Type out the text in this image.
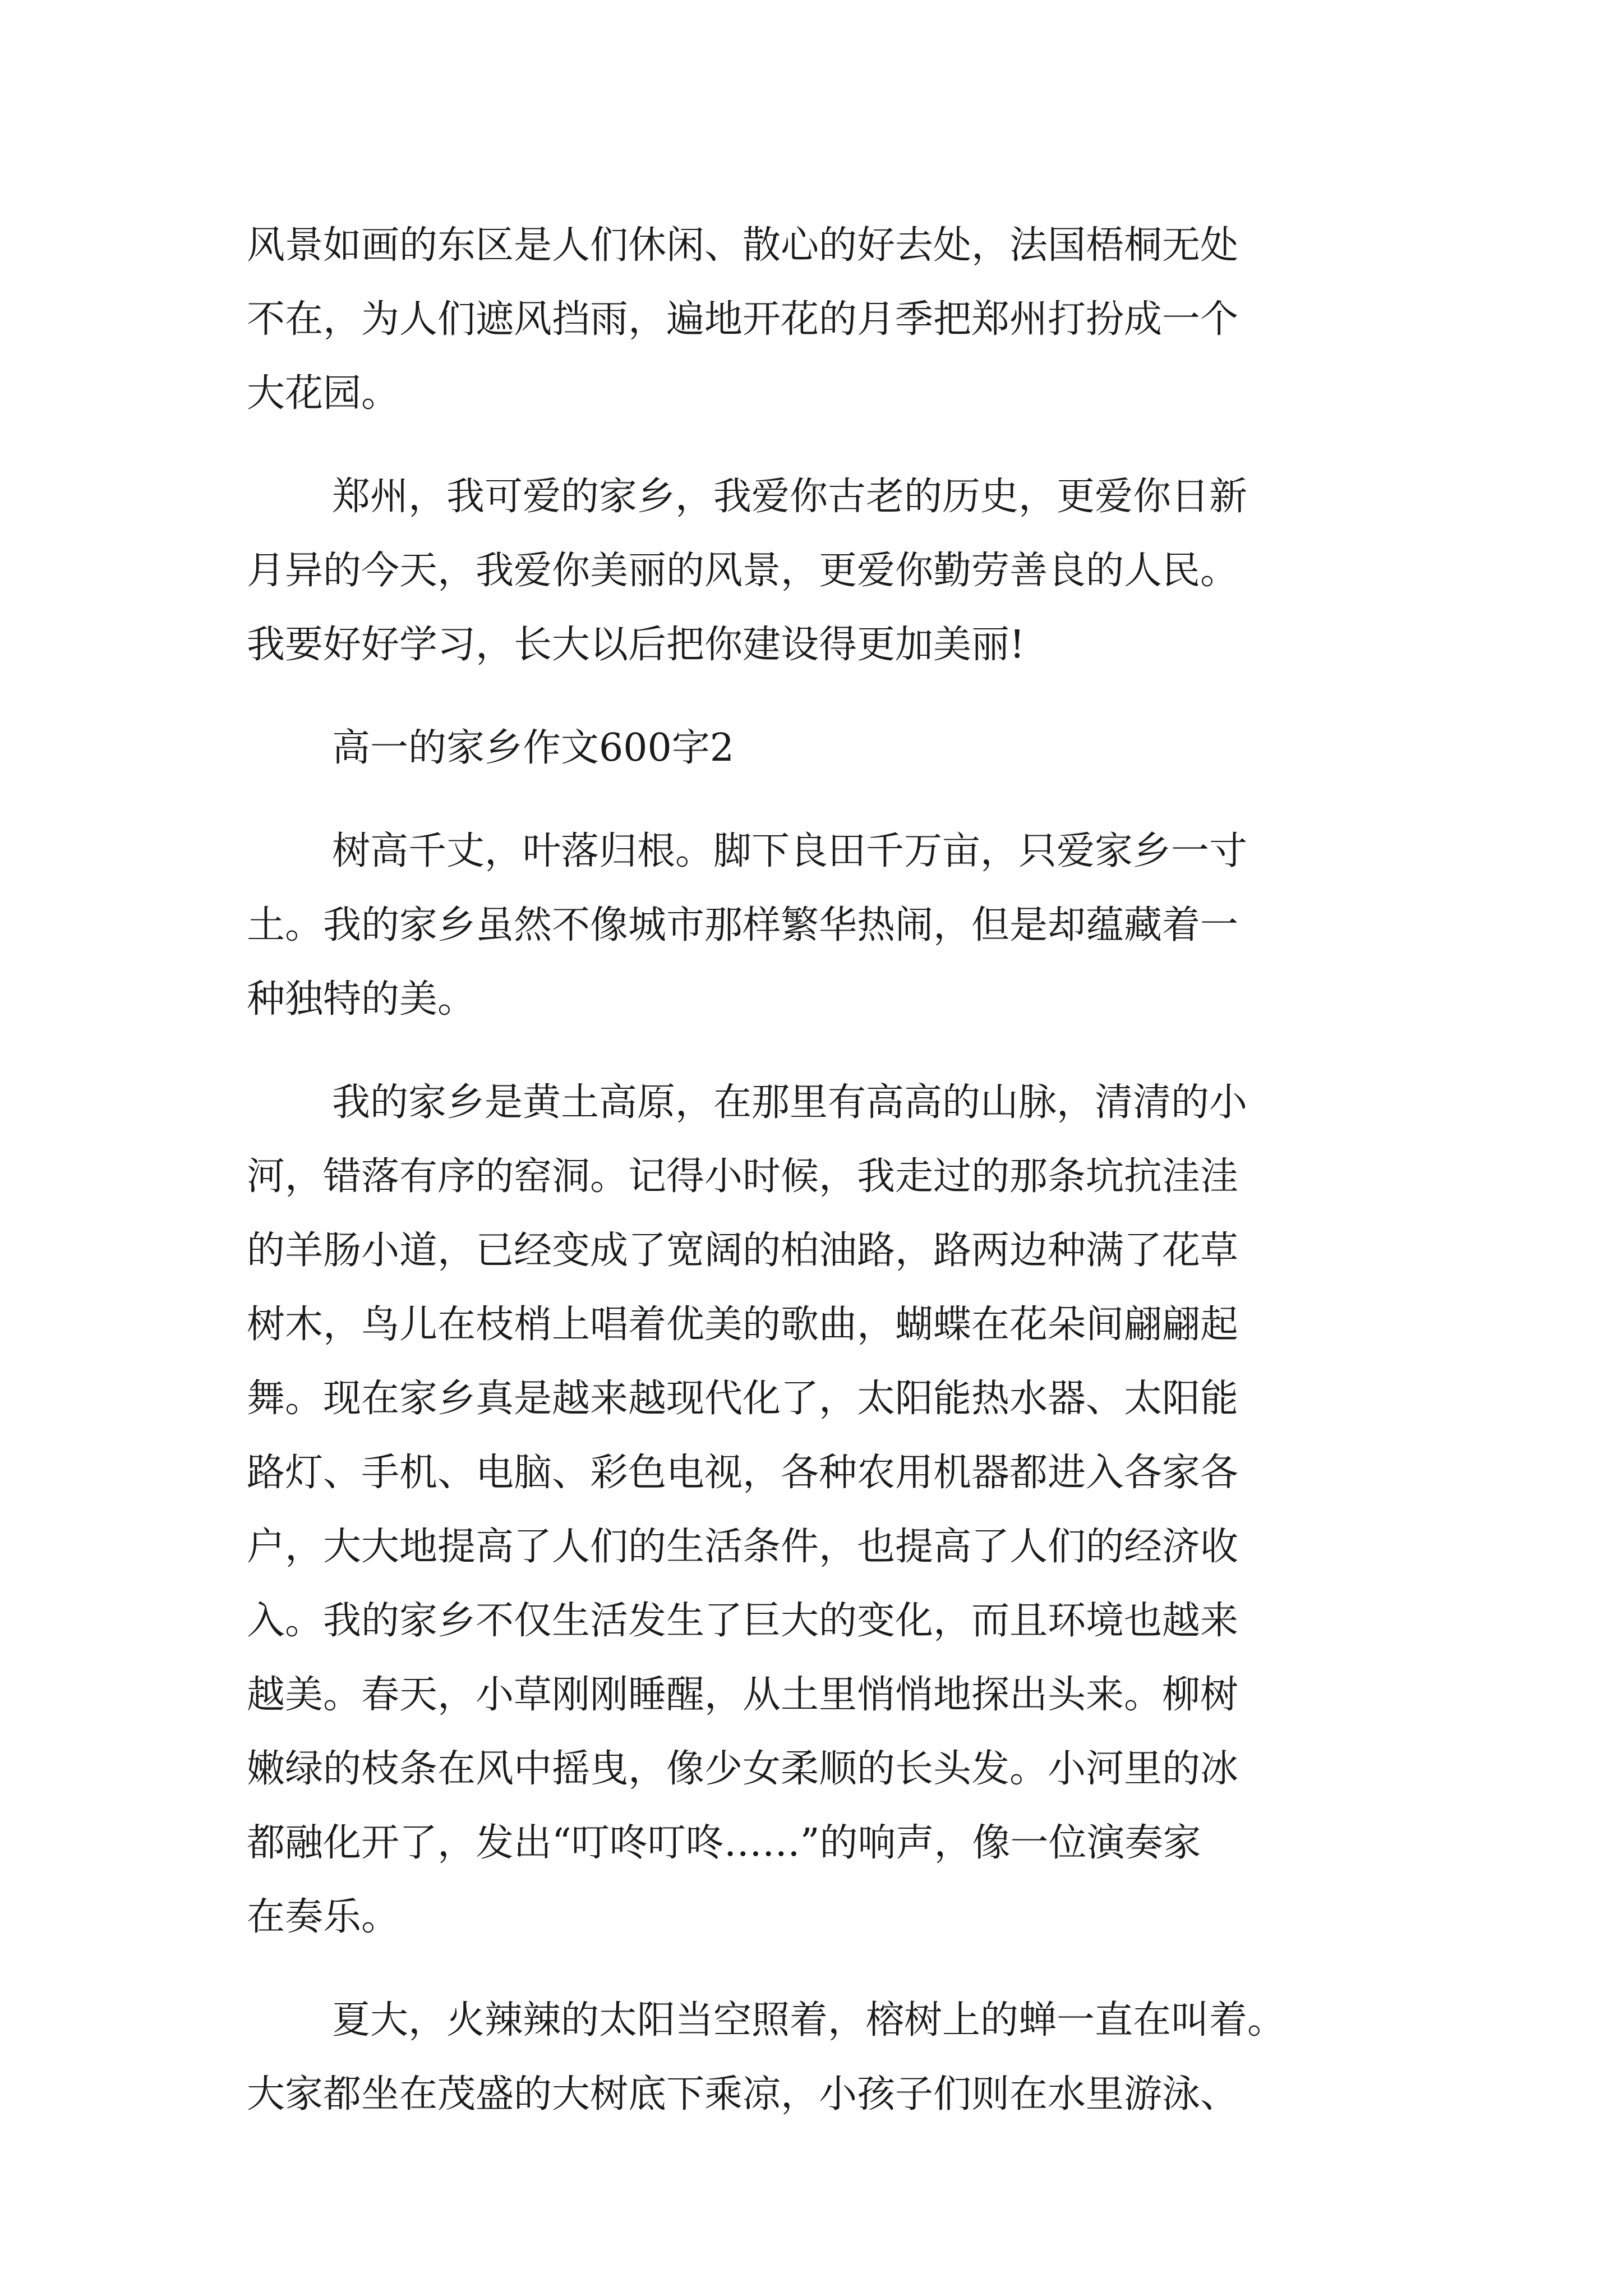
风景如画的东区是人们休闲、散心的好去处，法国梧桐无处
不在，为人们遮风挡雨，遍地开花的月季把郑州打扮成一个
大花园。
郑州，我可爱的家乡，我爱你古老的历史，更爱你日新
月异的今天，我爱你美丽的风景，更爱你勤劳善良的人民。
我要好好学习，长大以后把你建设得更加美丽!
高一的家乡作文600字2
树高千丈，叶落归根。脚下良田千万亩，只爱家乡一寸
土。我的家乡虽然不像城市那样繁华热闹，但是却蕴藏着一
种独特的美。
我的家乡是黄土高原，在那里有高高的山脉，清清的小
河，错落有序的窑洞。记得小时候，我走过的那条坑抗洼洼
的羊肠小道，已经变成了宽阔的柏油路，路两边种满了花草
树木，鸟儿在枝梢上唱着优美的歌曲，蝴蝶在花朵间翩翩起
舞。现在家乡真是越来越现代化了，太阳能热水器、太阳能
路灯、手机、电脑、彩色电视，各种农用机器都进入各家各
户，大大地提高了人们的生活条件，也提高了人们的经济收
入。我的家乡不仅生活发生了巨大的变化，而且环境也越来
越美。春天，小草刚刚睡醒，从土里悄悄地探出头来。柳树
嫩绿的枝条在风中摇曳，像少女柔顺的长头发。小河里的冰
都融化开了，发出“叮咚叮咚……”的响声，像一位演奏家
在奏乐。
夏大，火辣辣的太阳当空照着，榕树上的蝉一直在叫着。
大家都坐在茂盛的大树底下乘凉，小孩子们则在水里游泳、
